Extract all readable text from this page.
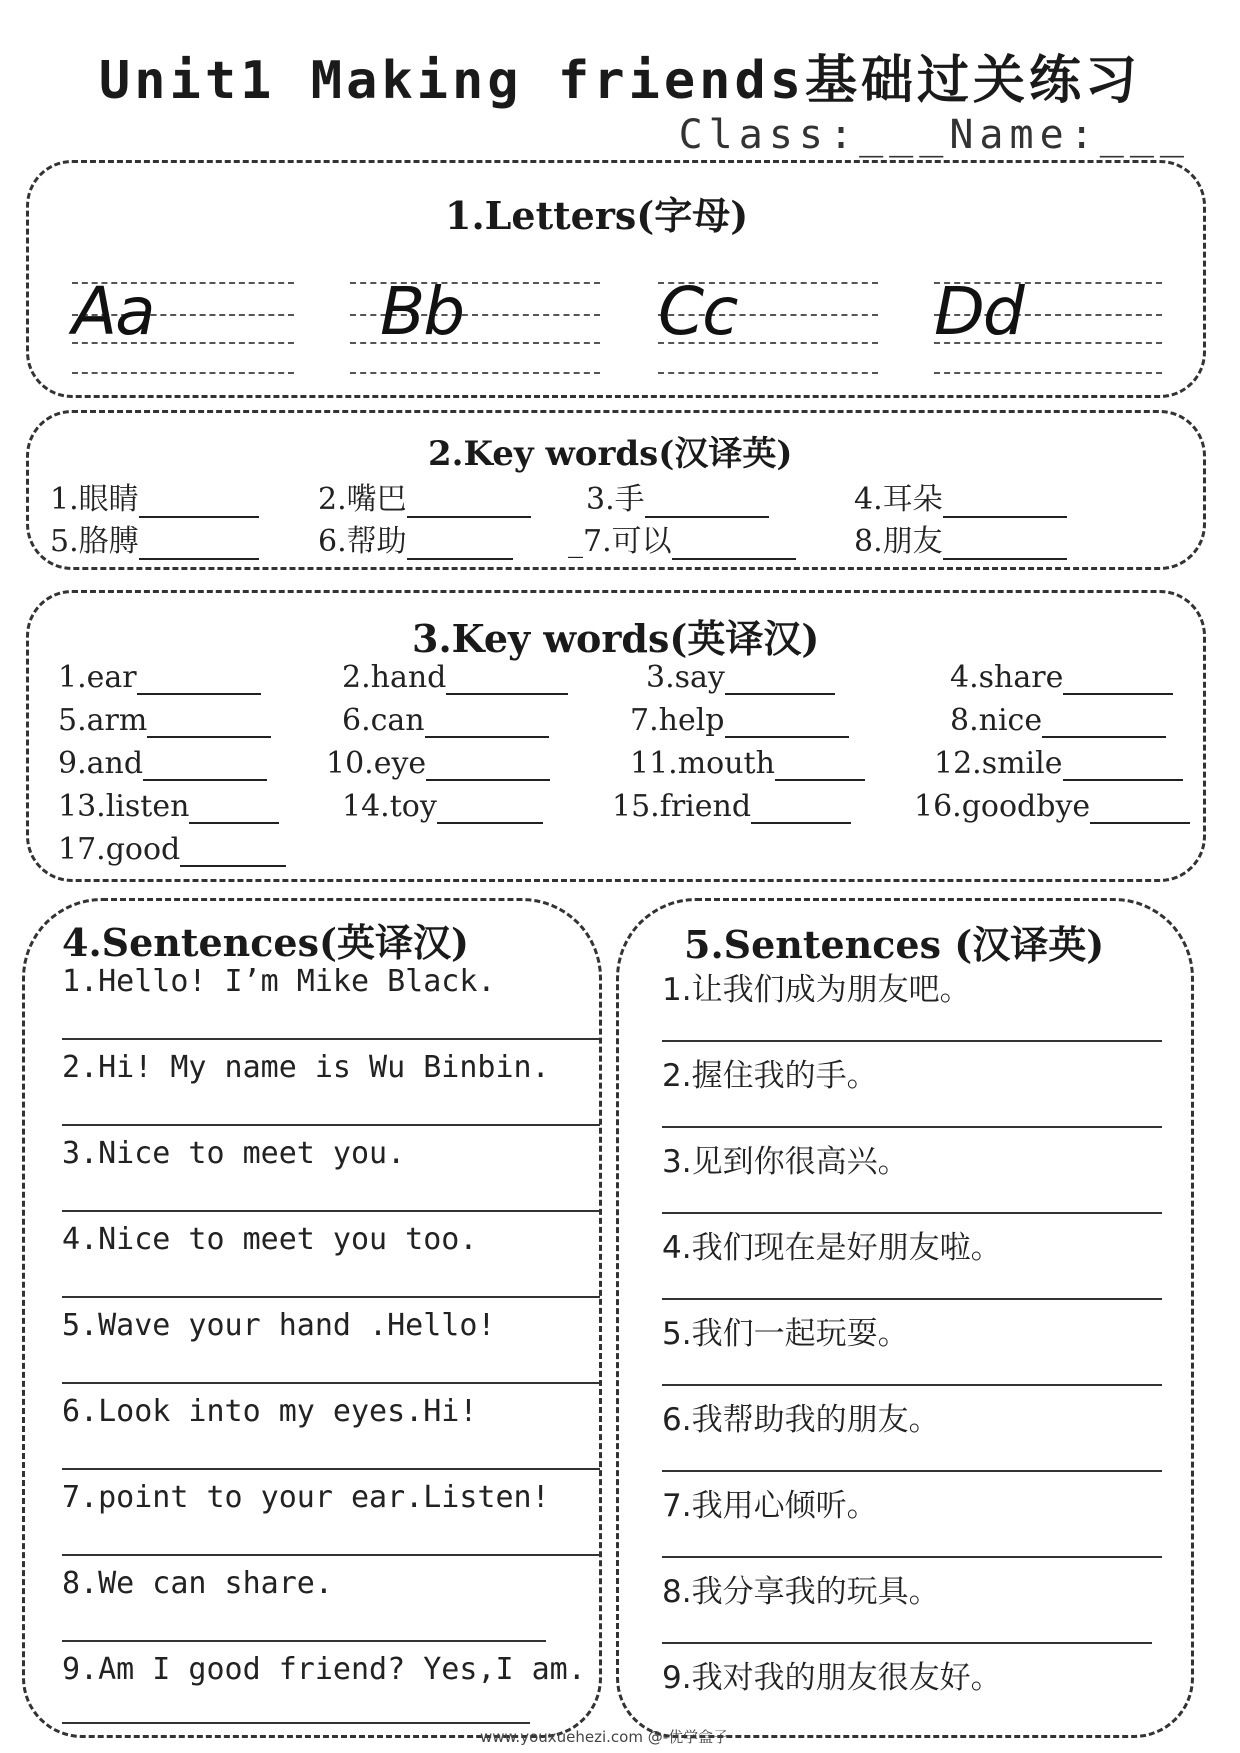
Unit1 Making friends基础过关练习
Class:___Name:___
1.Letters(字母)
Aa	Bb	Cc	Dd
2.Key words(汉译英)
1.眼睛	2.嘴巴	3.手	4.耳朵
5.胳膊	6.帮助	_7.可以	8.朋友
3.Key words(英译汉)
1.ear	2.hand	3.say	4.share
5.arm	6.can	7.help	8.nice
9.and	10.eye	11.mouth	12.smile
13.listen	14.toy	15.friend	16.goodbye
17.good
4.Sentences(英译汉)
1.Hello! I’m Mike Black.
2.Hi! My name is Wu Binbin.
3.Nice to meet you.
4.Nice to meet you too.
5.Wave your hand .Hello!
6.Look into my eyes.Hi!
7.point to your ear.Listen!
8.We can share.
9.Am I good friend? Yes,I am.
5.Sentences (汉译英)
1.让我们成为朋友吧。
2.握住我的手。
3.见到你很高兴。
4.我们现在是好朋友啦。
5.我们一起玩耍。
6.我帮助我的朋友。
7.我用心倾听。
8.我分享我的玩具。
9.我对我的朋友很友好。
www.youxuehezi.com @-优学盒子
